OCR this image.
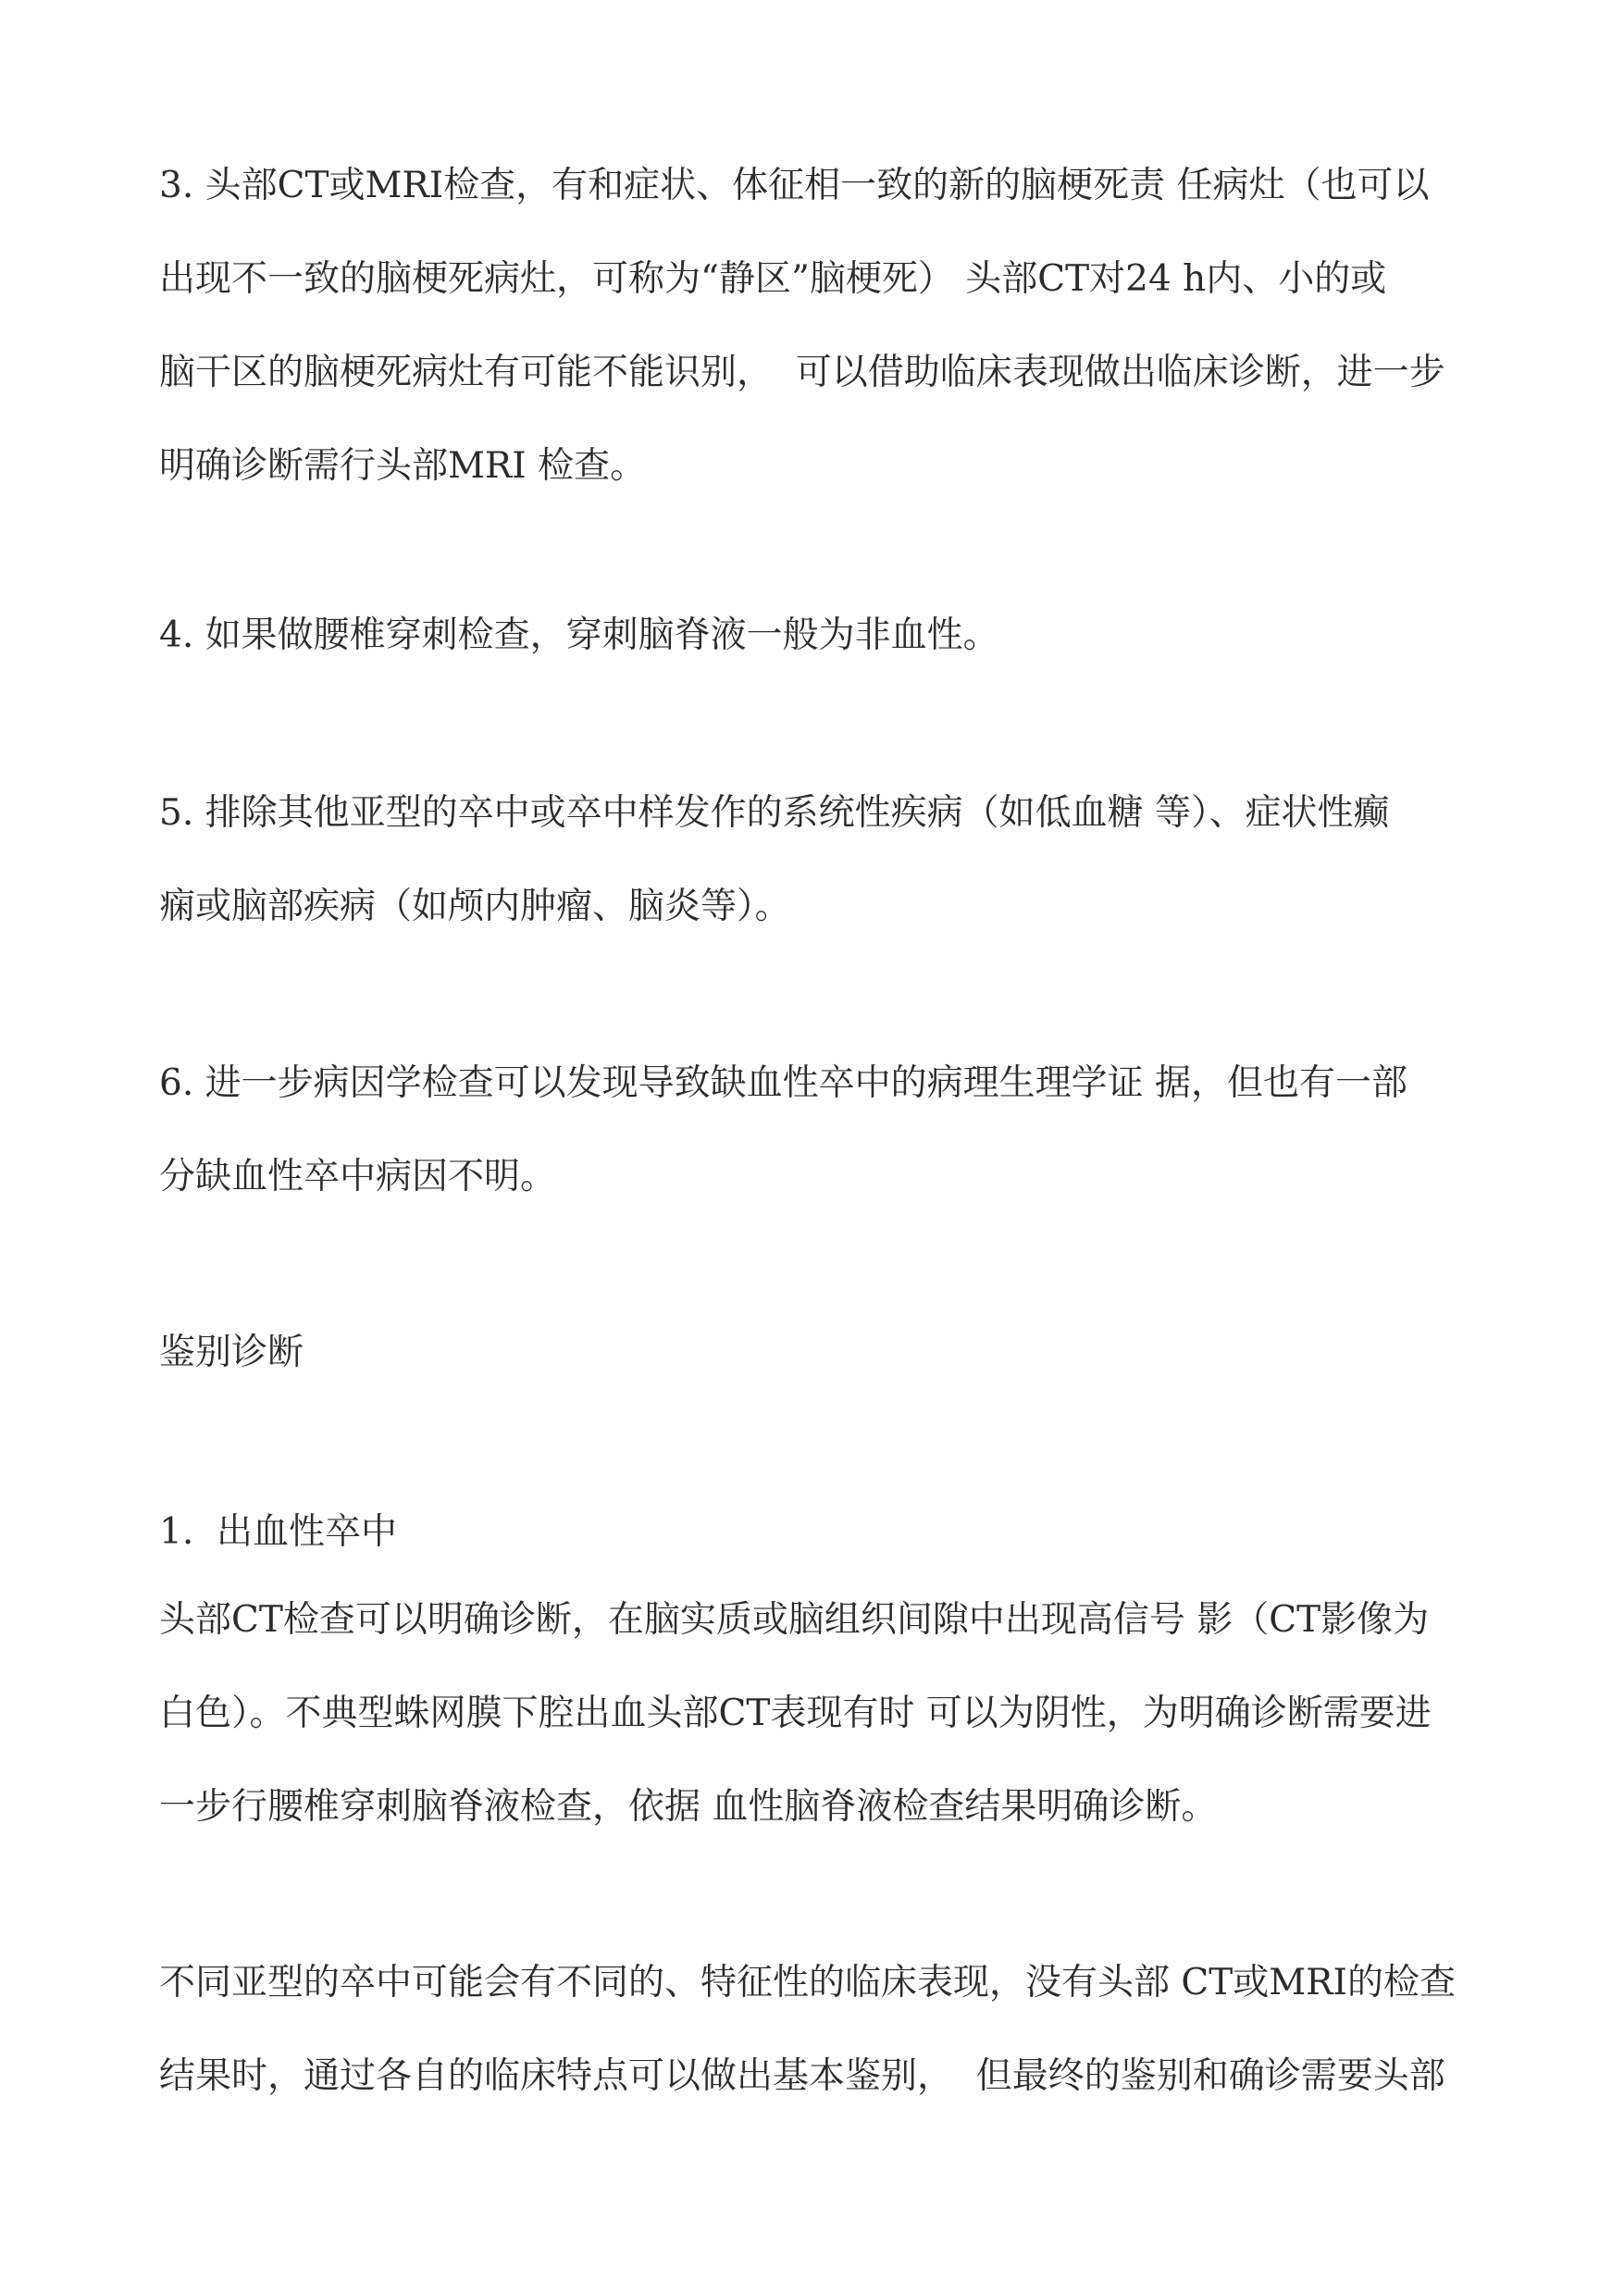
3. 头部CT或MRI检查，有和症状、体征相一致的新的脑梗死责 任病灶（也可以
出现不一致的脑梗死病灶，可称为“静区”脑梗死） 头部CT对24 h内、小的或
脑干区的脑梗死病灶有可能不能识别，  可以借助临床表现做出临床诊断，进一步
明确诊断需行头部MRI 检查。
4. 如果做腰椎穿刺检查，穿刺脑脊液一般为非血性。
5. 排除其他亚型的卒中或卒中样发作的系统性疾病（如低血糖 等）、症状性癫
痫或脑部疾病（如颅内肿瘤、脑炎等）。
6. 进一步病因学检查可以发现导致缺血性卒中的病理生理学证 据，但也有一部
分缺血性卒中病因不明。
鉴别诊断
1.  出血性卒中
头部CT检查可以明确诊断，在脑实质或脑组织间隙中出现高信号 影（CT影像为
白色）。不典型蛛网膜下腔出血头部CT表现有时 可以为阴性，为明确诊断需要进
一步行腰椎穿刺脑脊液检查，依据 血性脑脊液检查结果明确诊断。
不同亚型的卒中可能会有不同的、特征性的临床表现，没有头部 CT或MRI的检查
结果时，通过各自的临床特点可以做出基本鉴别，  但最终的鉴别和确诊需要头部
